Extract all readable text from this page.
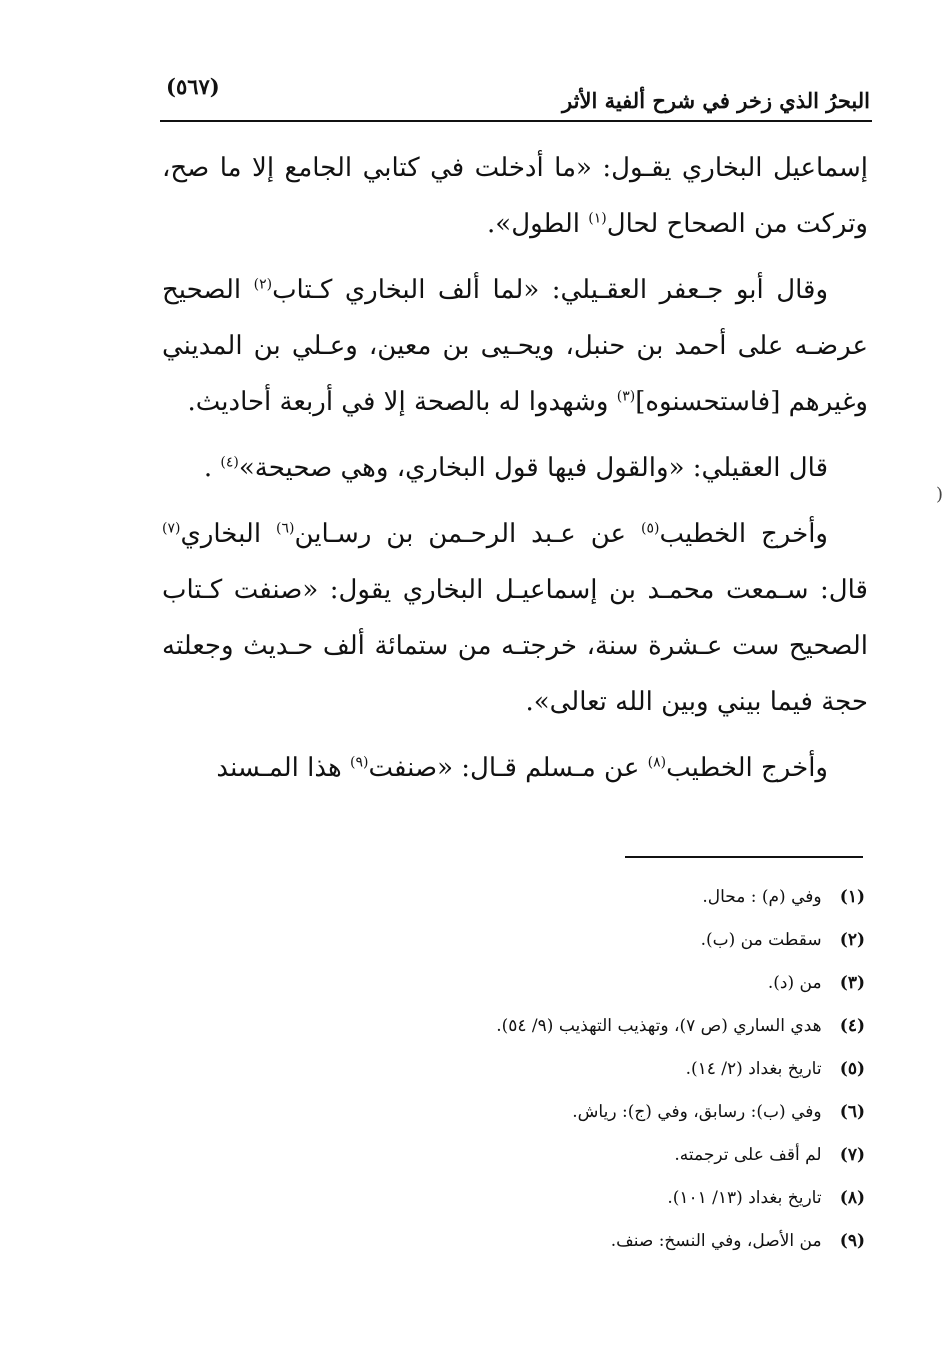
البحرُ الذي زخر في شرح ألفية الأثر
(٥٦٧)

إسماعيل البخاري يقـول: «ما أدخلت في كتابي الجامع إلا ما صح، وتركت من الصحاح لحال$^{(١)}$ الطول».

وقال أبو جـعفر العقـيلي: «لما ألف البخاري كـتاب$^{(٢)}$ الصحيح عرضـه على أحمد بن حنبل، ويحـيى بن معين، وعـلي بن المديني وغيرهم [فاستحسنوه]$^{(٣)}$ وشهدوا له بالصحة إلا في أربعة أحاديث.

قال العقيلي: «والقول فيها قول البخاري، وهي صحيحة»$^{(٤)}$ .

وأخرج الخطيب$^{(٥)}$ عن عـبد الرحـمن بن رسـاين$^{(٦)}$ البخاري$^{(٧)}$ قال: سـمعت محمـد بن إسماعيـل البخاري يقول: «صنفت كـتاب الصحيح ست عـشرة سنة، خرجتـه من ستمائة ألف حـديث وجعلته حجة فيما بيني وبين الله تعالى».

وأخرج الخطيب$^{(٨)}$ عن مـسلم قـال: «صنفت$^{(٩)}$ هذا المـسند

(١) وفي (م) : محال.
(٢) سقطت من (ب).
(٣) من (د).
(٤) هدي الساري (ص ٧)، وتهذيب التهذيب (٩/ ٥٤).
(٥) تاريخ بغداد (٢/ ١٤).
(٦) وفي (ب): رسابق، وفي (ج): رياش.
(٧) لم أقف على ترجمته.
(٨) تاريخ بغداد (١٣/ ١٠١).
(٩) من الأصل، وفي النسخ: صنف.
)
